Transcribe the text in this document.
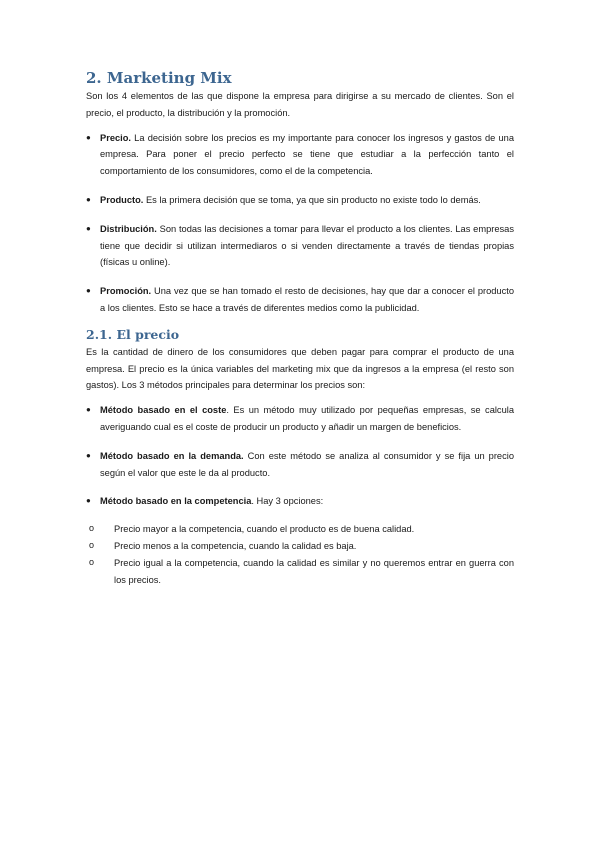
2. Marketing Mix

Son los 4 elementos de las que dispone la empresa para dirigirse a su mercado de clientes. Son el precio, el producto, la distribución y la promoción.

● Precio. La decisión sobre los precios es my importante para conocer los ingresos y gastos de una empresa. Para poner el precio perfecto se tiene que estudiar a la perfección tanto el comportamiento de los consumidores, como el de la competencia.
● Producto. Es la primera decisión que se toma, ya que sin producto no existe todo lo demás.
● Distribución. Son todas las decisiones a tomar para llevar el producto a los clientes. Las empresas tiene que decidir si utilizan intermediaros o si venden directamente a través de tiendas propias (físicas u online).
● Promoción. Una vez que se han tomado el resto de decisiones, hay que dar a conocer el producto a los clientes. Esto se hace a través de diferentes medios como la publicidad.
2.1. El precio

Es la cantidad de dinero de los consumidores que deben pagar para comprar el producto de una empresa. El precio es la única variables del marketing mix que da ingresos a la empresa (el resto son gastos). Los 3 métodos principales para determinar los precios son:

● Método basado en el coste. Es un método muy utilizado por pequeñas empresas, se calcula averiguando cual es el coste de producir un producto y añadir un margen de beneficios.
● Método basado en la demanda. Con este método se analiza al consumidor y se fija un precio según el valor que este le da al producto.
● Método basado en la competencia. Hay 3 opciones:
o Precio mayor a la competencia, cuando el producto es de buena calidad.
o Precio menos a la competencia, cuando la calidad es baja.
o Precio igual a la competencia, cuando la calidad es similar y no queremos entrar en guerra con los precios.
